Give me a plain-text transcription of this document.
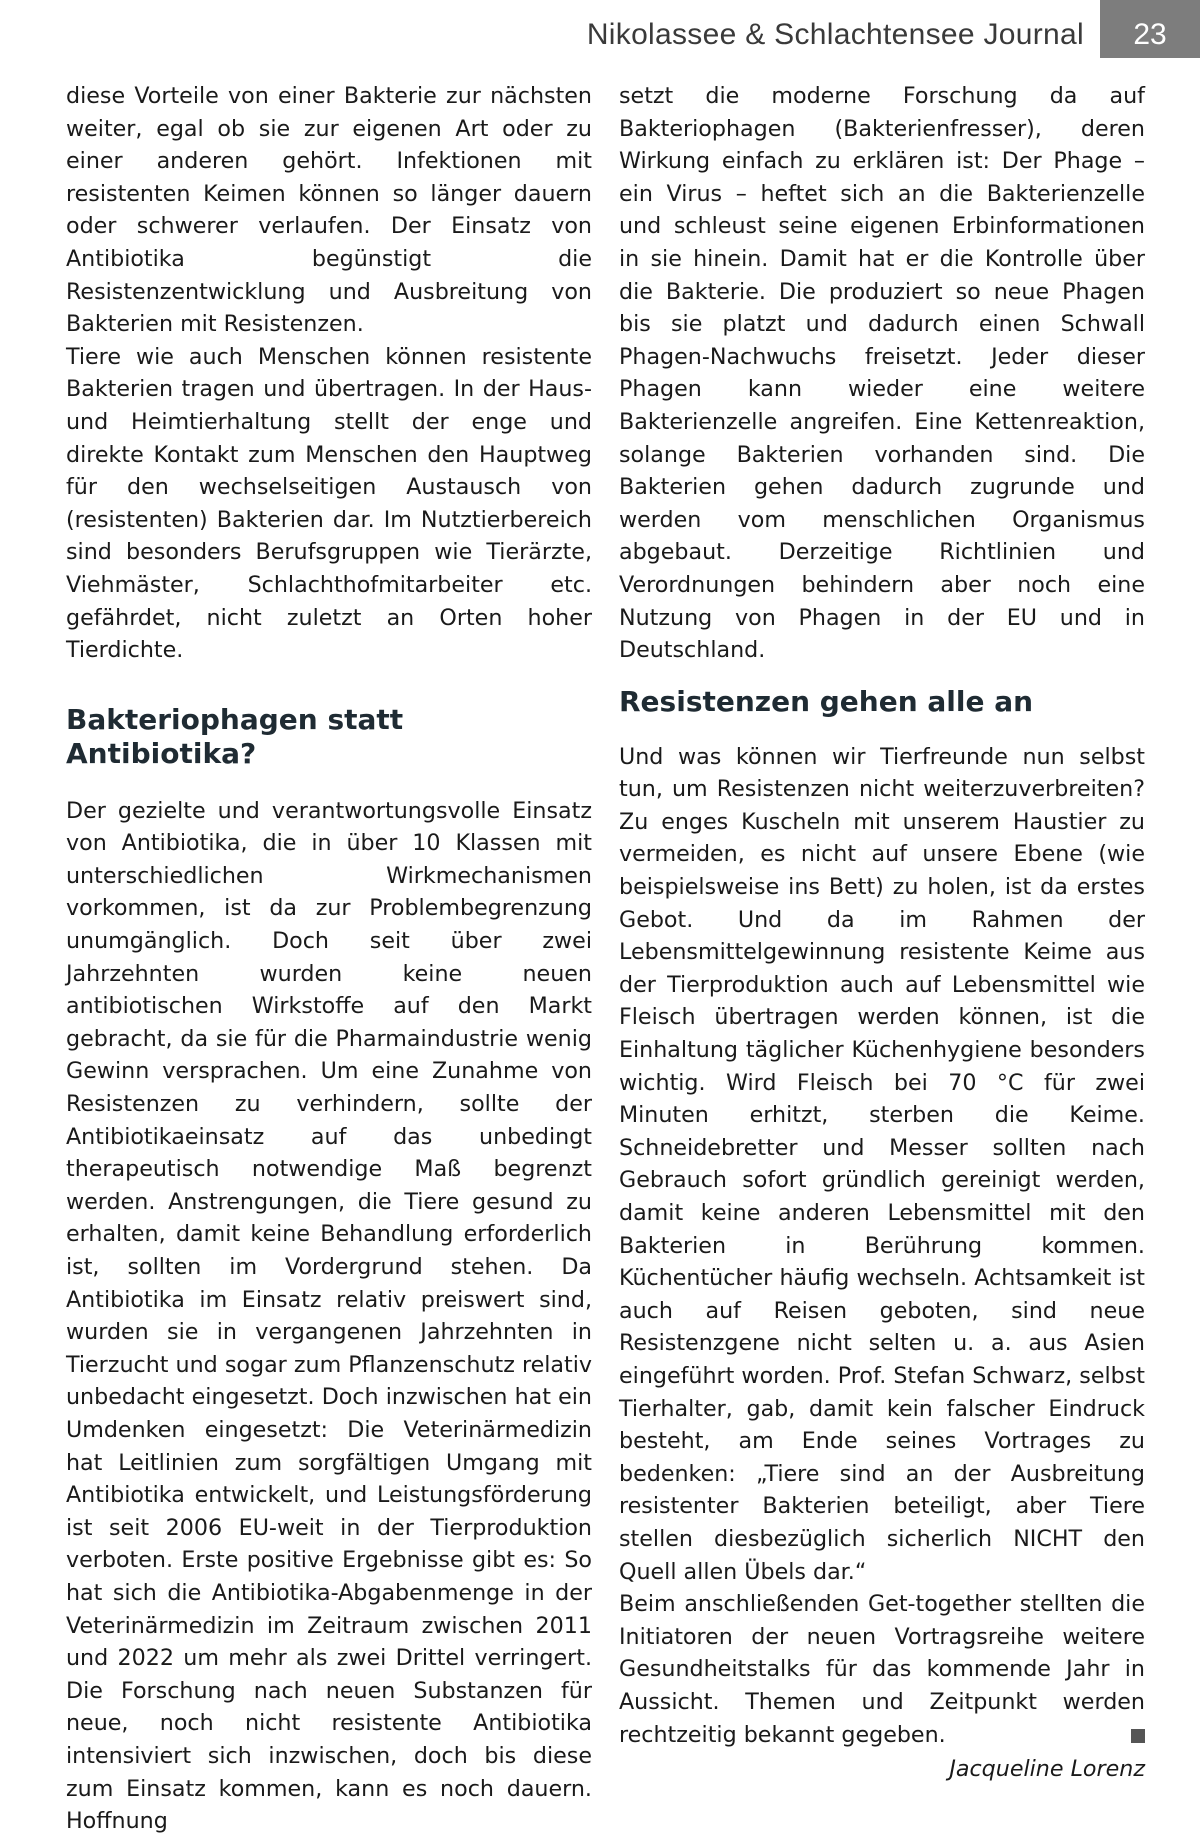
Nikolassee & Schlachtensee Journal	23

diese Vorteile von einer Bakterie zur nächsten weiter, egal ob sie zur eigenen Art oder zu einer anderen gehört. Infektionen mit resistenten Keimen können so länger dauern oder schwerer verlaufen. Der Einsatz von Antibiotika begünstigt die Resistenzentwicklung und Ausbreitung von Bakterien mit Resistenzen.

Tiere wie auch Menschen können resistente Bakterien tragen und übertragen. In der Haus- und Heimtierhaltung stellt der enge und direkte Kontakt zum Menschen den Hauptweg für den wechselseitigen Austausch von (resistenten) Bakterien dar. Im Nutztierbereich sind besonders Berufsgruppen wie Tierärzte, Viehmäster, Schlachthofmitarbeiter etc. gefährdet, nicht zuletzt an Orten hoher Tierdichte.

Bakteriophagen statt Antibiotika?

Der gezielte und verantwortungsvolle Einsatz von Antibiotika, die in über 10 Klassen mit unterschiedlichen Wirkmechanismen vorkommen, ist da zur Problembegrenzung unumgänglich. Doch seit über zwei Jahrzehnten wurden keine neuen antibiotischen Wirkstoffe auf den Markt gebracht, da sie für die Pharmaindustrie wenig Gewinn versprachen. Um eine Zunahme von Resistenzen zu verhindern, sollte der Antibiotikaeinsatz auf das unbedingt therapeutisch notwendige Maß begrenzt werden. Anstrengungen, die Tiere gesund zu erhalten, damit keine Behandlung erforderlich ist, sollten im Vordergrund stehen. Da Antibiotika im Einsatz relativ preiswert sind, wurden sie in vergangenen Jahrzehnten in Tierzucht und sogar zum Pflanzenschutz relativ unbedacht eingesetzt. Doch inzwischen hat ein Umdenken eingesetzt: Die Veterinärmedizin hat Leitlinien zum sorgfältigen Umgang mit Antibiotika entwickelt, und Leistungsförderung ist seit 2006 EU-weit in der Tierproduktion verboten. Erste positive Ergebnisse gibt es: So hat sich die Antibiotika-Abgabenmenge in der Veterinärmedizin im Zeitraum zwischen 2011 und 2022 um mehr als zwei Drittel verringert. Die Forschung nach neuen Substanzen für neue, noch nicht resistente Antibiotika intensiviert sich inzwischen, doch bis diese zum Einsatz kommen, kann es noch dauern. Hoffnung

setzt die moderne Forschung da auf Bakteriophagen (Bakterienfresser), deren Wirkung einfach zu erklären ist: Der Phage – ein Virus – heftet sich an die Bakterienzelle und schleust seine eigenen Erbinformationen in sie hinein. Damit hat er die Kontrolle über die Bakterie. Die produziert so neue Phagen bis sie platzt und dadurch einen Schwall Phagen-Nachwuchs freisetzt. Jeder dieser Phagen kann wieder eine weitere Bakterienzelle angreifen. Eine Kettenreaktion, solange Bakterien vorhanden sind. Die Bakterien gehen dadurch zugrunde und werden vom menschlichen Organismus abgebaut. Derzeitige Richtlinien und Verordnungen behindern aber noch eine Nutzung von Phagen in der EU und in Deutschland.

Resistenzen gehen alle an

Und was können wir Tierfreunde nun selbst tun, um Resistenzen nicht weiterzuverbreiten? Zu enges Kuscheln mit unserem Haustier zu vermeiden, es nicht auf unsere Ebene (wie beispielsweise ins Bett) zu holen, ist da erstes Gebot. Und da im Rahmen der Lebensmittelgewinnung resistente Keime aus der Tierproduktion auch auf Lebensmittel wie Fleisch übertragen werden können, ist die Einhaltung täglicher Küchenhygiene besonders wichtig. Wird Fleisch bei 70 °C für zwei Minuten erhitzt, sterben die Keime. Schneidebretter und Messer sollten nach Gebrauch sofort gründlich gereinigt werden, damit keine anderen Lebensmittel mit den Bakterien in Berührung kommen. Küchentücher häufig wechseln. Achtsamkeit ist auch auf Reisen geboten, sind neue Resistenzgene nicht selten u. a. aus Asien eingeführt worden. Prof. Stefan Schwarz, selbst Tierhalter, gab, damit kein falscher Eindruck besteht, am Ende seines Vortrages zu bedenken: „Tiere sind an der Ausbreitung resistenter Bakterien beteiligt, aber Tiere stellen diesbezüglich sicherlich NICHT den Quell allen Übels dar.“

Beim anschließenden Get-together stellten die Initiatoren der neuen Vortragsreihe weitere Gesundheitstalks für das kommende Jahr in Aussicht. Themen und Zeitpunkt werden rechtzeitig bekannt gegeben.

Jacqueline Lorenz
